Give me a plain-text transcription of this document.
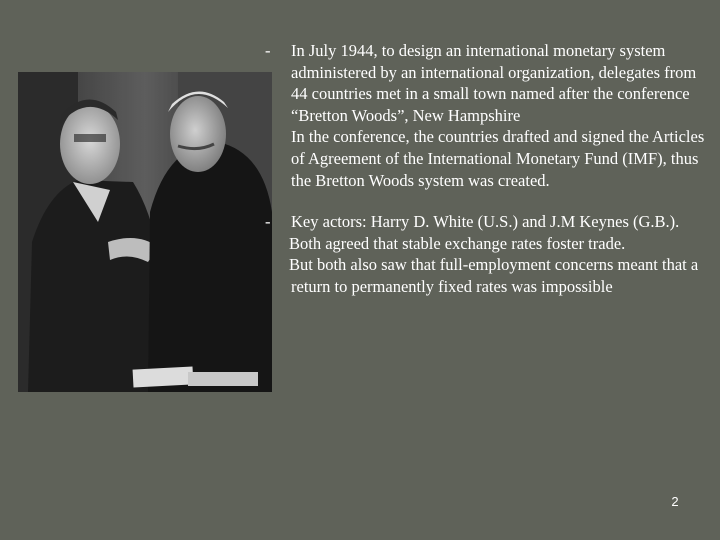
-	In July 1944, to design an international monetary system administered by an international organization, delegates from 44 countries met in a small town named after the conference “Bretton Woods”, New Hampshire

In the conference, the countries drafted and signed the Articles of Agreement of the International Monetary Fund (IMF), thus the Bretton Woods system was created.

-	Key actors: Harry D. White (U.S.) and J.M Keynes (G.B.).

Both agreed that stable exchange rates foster trade.

But both also saw that full-employment concerns meant that a return to permanently fixed rates was impossible

2
